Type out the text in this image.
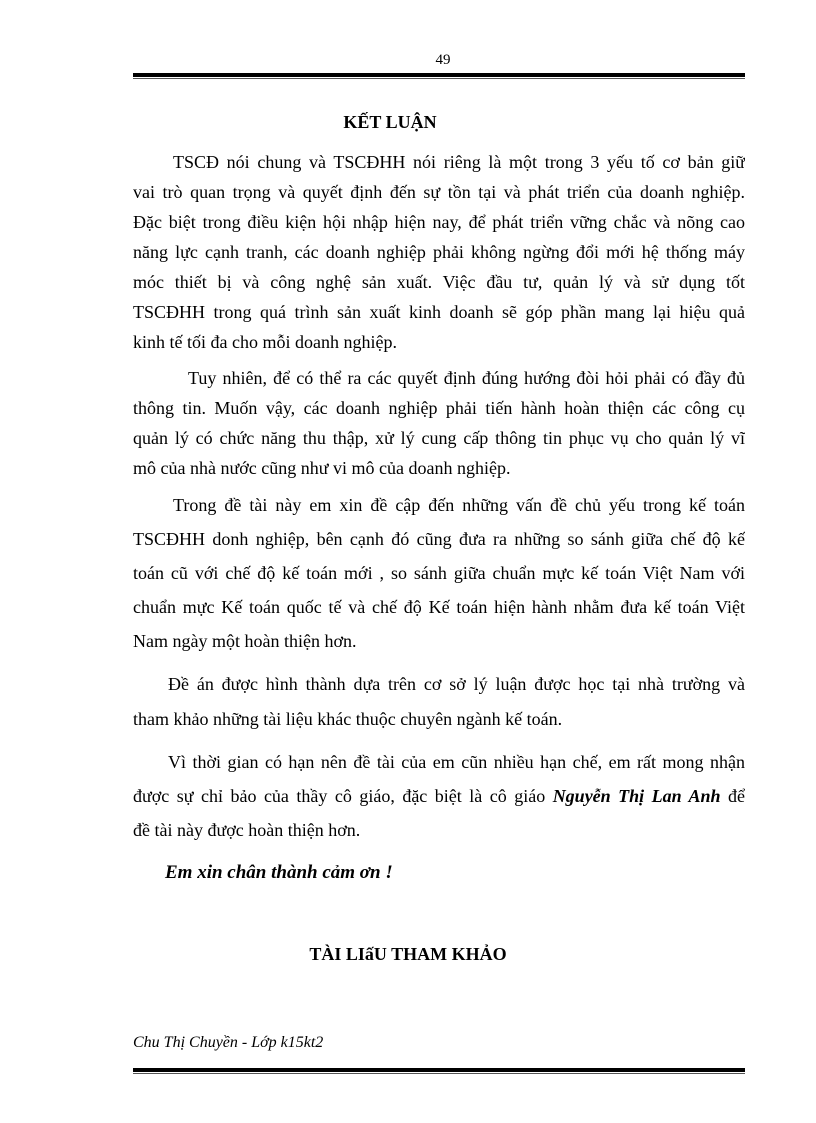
49
KẾT LUẬN
TSCĐ nói chung và TSCĐHH nói riêng là một trong 3 yếu tố cơ bản giữ
vai trò quan trọng và quyết định đến sự tồn tại và phát triển của doanh nghiệp.
Đặc biệt trong điều kiện hội nhập hiện nay, để phát triển vững chắc và nõng cao
năng lực cạnh tranh, các doanh nghiệp phải không ngừng đổi mới hệ thống máy
móc thiết bị và công nghệ sản xuất. Việc đầu tư, quản lý và sử dụng tốt
TSCĐHH trong quá trình sản xuất kinh doanh sẽ góp phần mang lại hiệu quả
kinh tế tối đa cho mỗi doanh nghiệp.
Tuy nhiên, để có thể ra các quyết định đúng hướng đòi hỏi phải có đầy đủ
thông tin. Muốn vậy, các doanh nghiệp phải tiến hành hoàn thiện các công cụ
quản lý có chức năng thu thập, xử lý cung cấp thông tin phục vụ cho quản lý vĩ
mô của nhà nước cũng như vi mô của doanh nghiệp.
Trong đề tài này em xin đề cập đến những vấn đề chủ yếu trong kế toán
TSCĐHH donh nghiệp, bên cạnh đó cũng đưa ra những so sánh giữa chế độ kế
toán cũ với chế độ kế toán mới , so sánh giữa chuẩn mực kế toán Việt Nam với
chuẩn mực Kế toán quốc tế và chế độ Kế toán hiện hành nhằm đưa kế toán Việt
Nam ngày một hoàn thiện hơn.
Đề án được hình thành dựa trên cơ sở lý luận được học tại nhà trường và
tham khảo những tài liệu khác thuộc chuyên ngành kế toán.
Vì thời gian có hạn nên đề tài của em cũn nhiều hạn chế, em rất mong nhận
được sự chỉ bảo của thầy cô giáo, đặc biệt là cô giáo Nguyễn Thị Lan Anh để
đề tài này được hoàn thiện hơn.
Em xin chân thành cảm ơn !
TÀI LIấU THAM KHẢO
Chu Thị Chuyền - Lớp k15kt2
